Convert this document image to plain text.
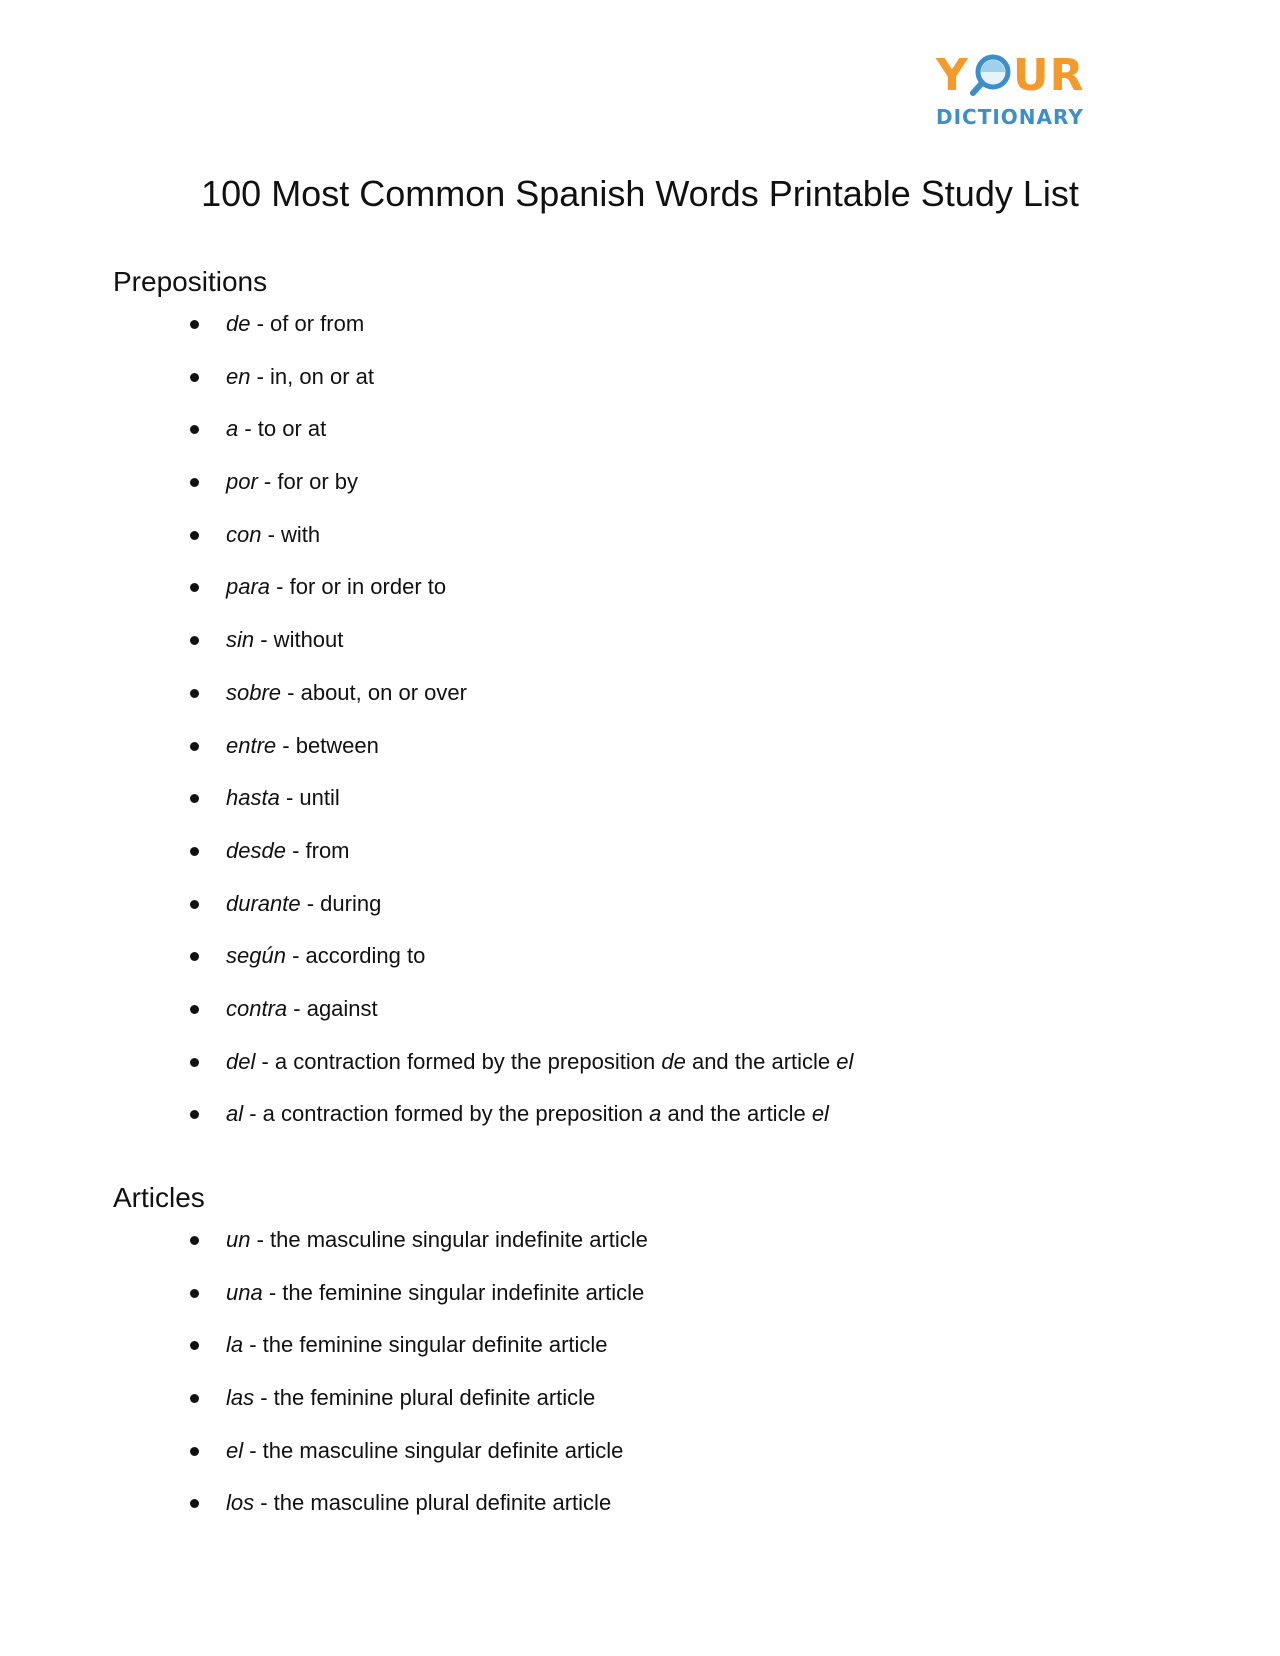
Y UR
DICTIONARY
100 Most Common Spanish Words Printable Study List
Prepositions
de - of or from
en - in, on or at
a - to or at
por - for or by
con - with
para - for or in order to
sin - without
sobre - about, on or over
entre - between
hasta - until
desde - from
durante - during
según - according to
contra - against
del - a contraction formed by the preposition de and the article el
al - a contraction formed by the preposition a and the article el
Articles
un - the masculine singular indefinite article
una - the feminine singular indefinite article
la - the feminine singular definite article
las - the feminine plural definite article
el - the masculine singular definite article
los - the masculine plural definite article
